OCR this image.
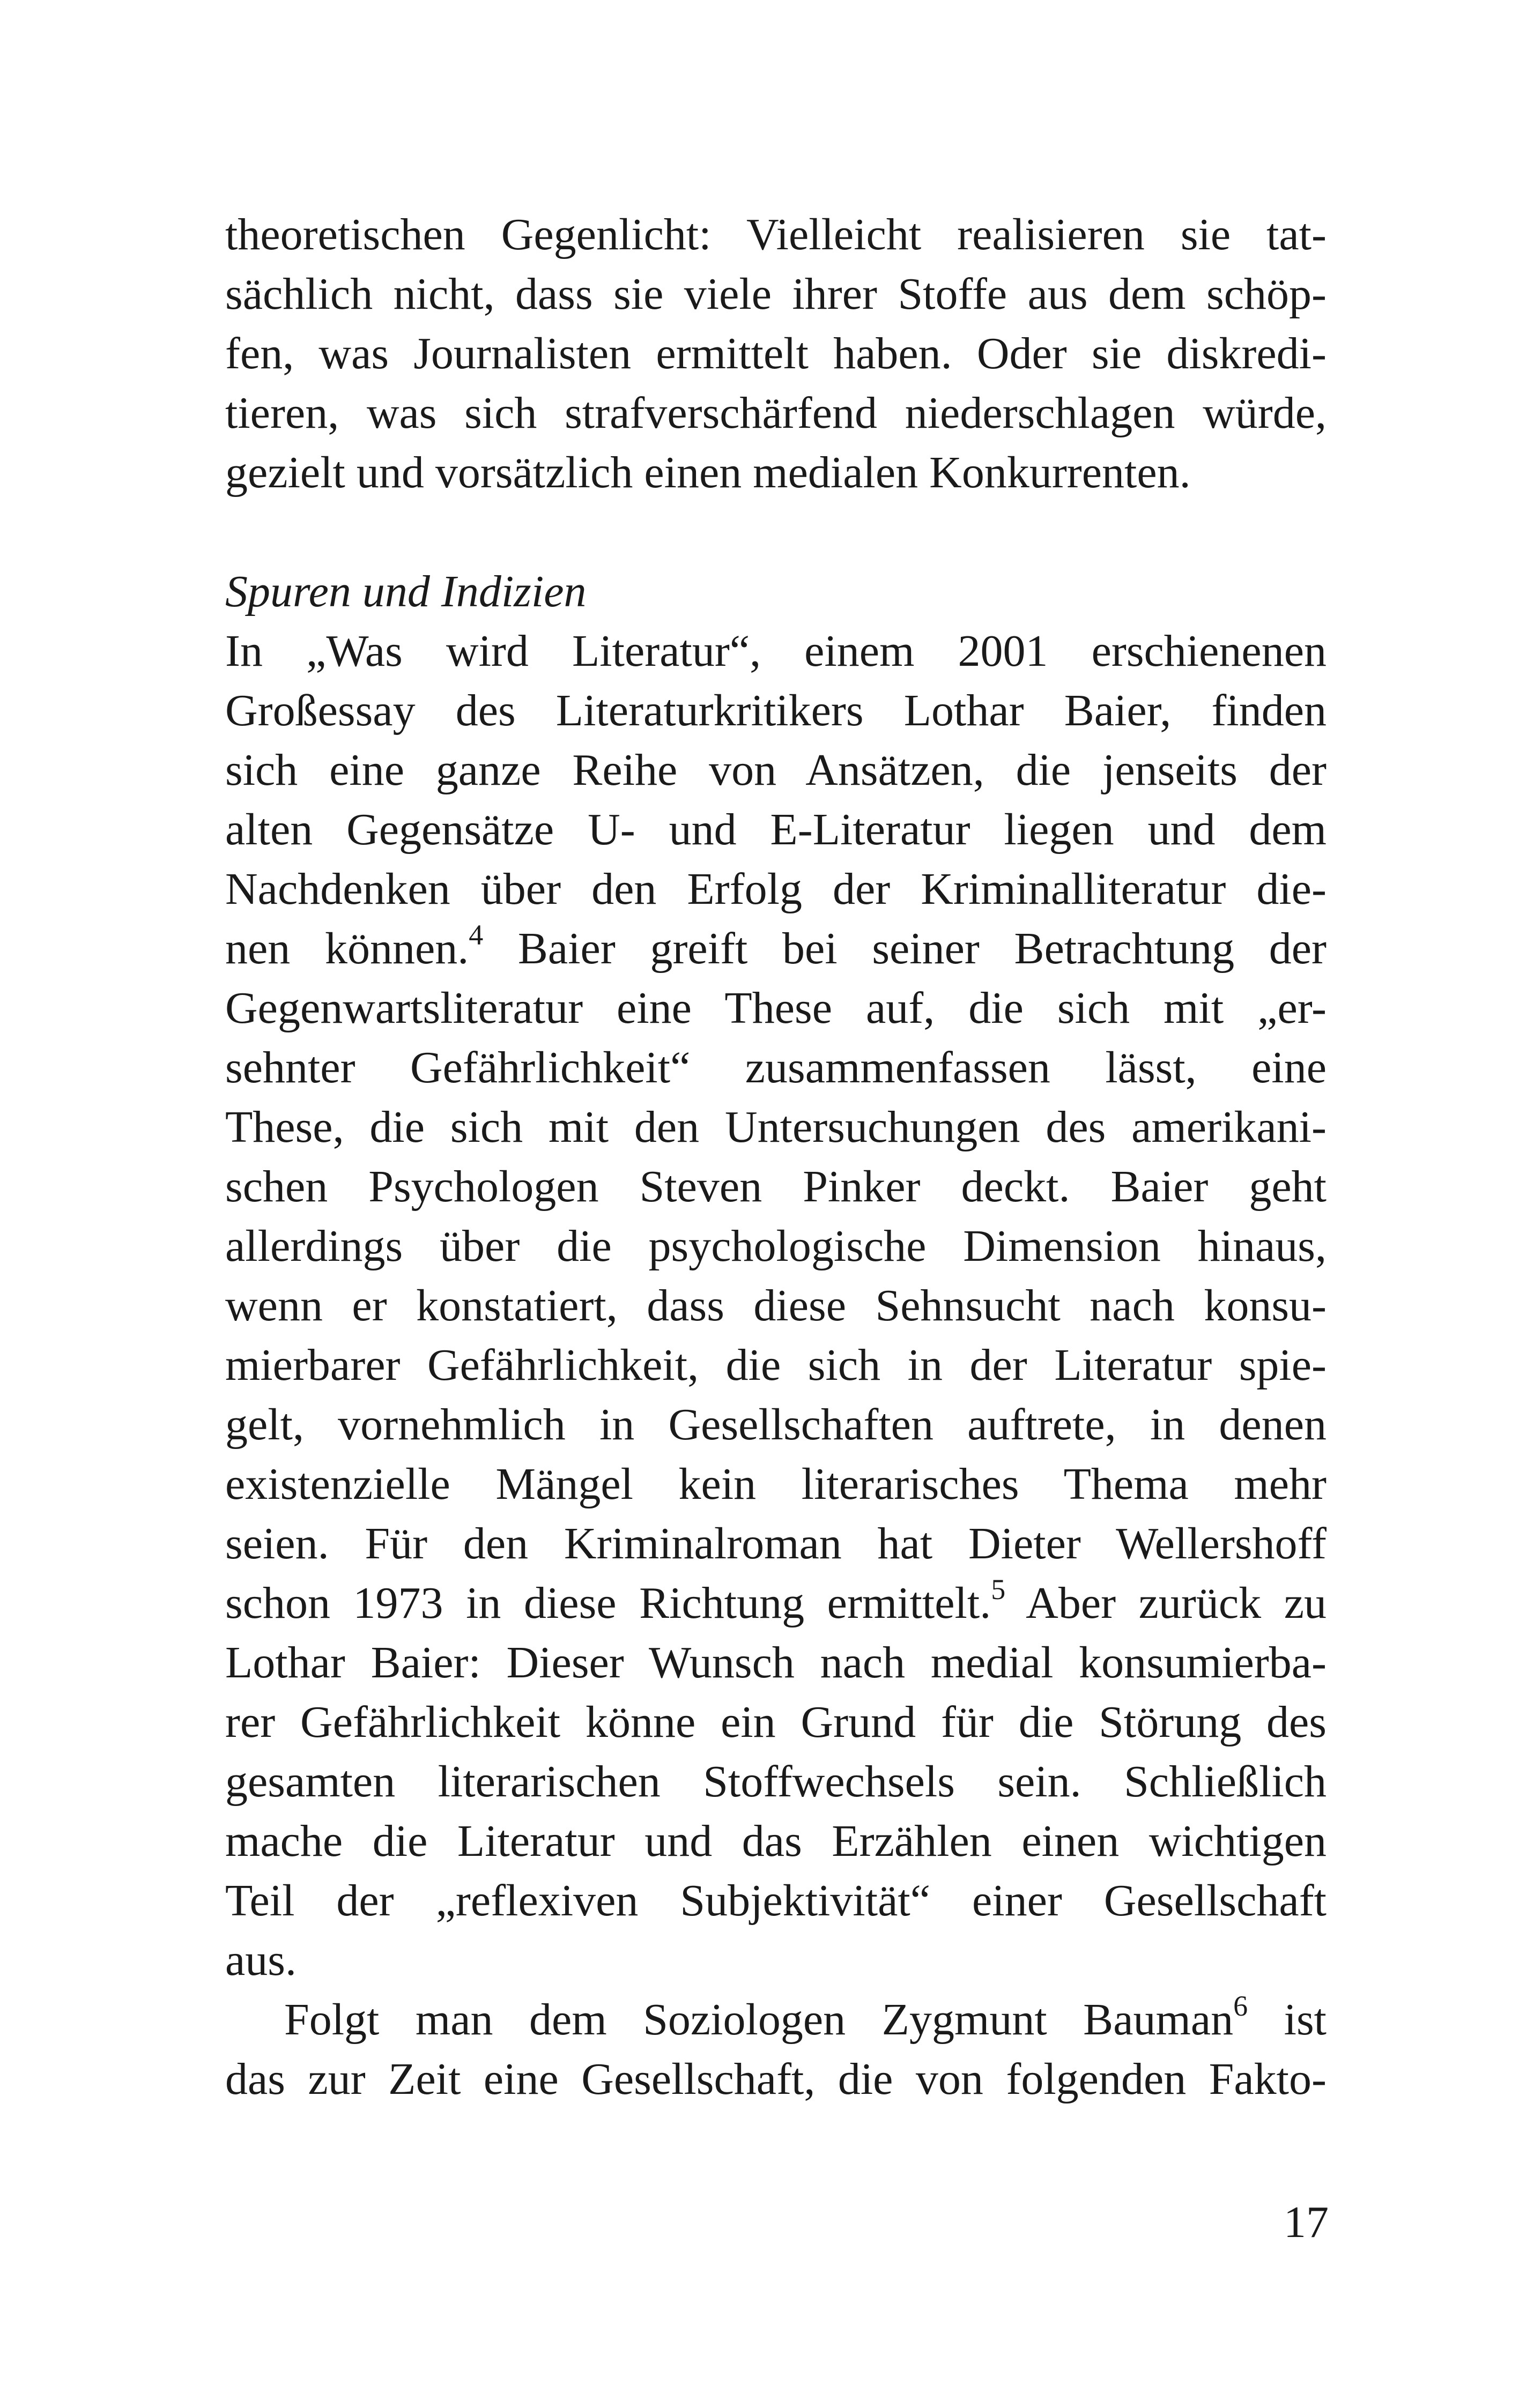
theoretischen Gegenlicht: Vielleicht realisieren sie tat-
sächlich nicht, dass sie viele ihrer Stoffe aus dem schöp-
fen, was Journalisten ermittelt haben. Oder sie diskredi-
tieren, was sich strafverschärfend niederschlagen würde,
gezielt und vorsätzlich einen medialen Konkurrenten.
Spuren und Indizien
In „Was wird Literatur“, einem 2001 erschienenen
Großessay des Literaturkritikers Lothar Baier, finden
sich eine ganze Reihe von Ansätzen, die jenseits der
alten Gegensätze U- und E-Literatur liegen und dem
Nachdenken über den Erfolg der Kriminalliteratur die-
nen können.$^4$ Baier greift bei seiner Betrachtung der
Gegenwartsliteratur eine These auf, die sich mit „er-
sehnter Gefährlichkeit“ zusammenfassen lässt, eine
These, die sich mit den Untersuchungen des amerikani-
schen Psychologen Steven Pinker deckt. Baier geht
allerdings über die psychologische Dimension hinaus,
wenn er konstatiert, dass diese Sehnsucht nach konsu-
mierbarer Gefährlichkeit, die sich in der Literatur spie-
gelt, vornehmlich in Gesellschaften auftrete, in denen
existenzielle Mängel kein literarisches Thema mehr
seien. Für den Kriminalroman hat Dieter Wellershoff
schon 1973 in diese Richtung ermittelt.$^5$ Aber zurück zu
Lothar Baier: Dieser Wunsch nach medial konsumierba-
rer Gefährlichkeit könne ein Grund für die Störung des
gesamten literarischen Stoffwechsels sein. Schließlich
mache die Literatur und das Erzählen einen wichtigen
Teil der „reflexiven Subjektivität“ einer Gesellschaft
aus.
Folgt man dem Soziologen Zygmunt Bauman$^6$ ist
das zur Zeit eine Gesellschaft, die von folgenden Fakto-
17
